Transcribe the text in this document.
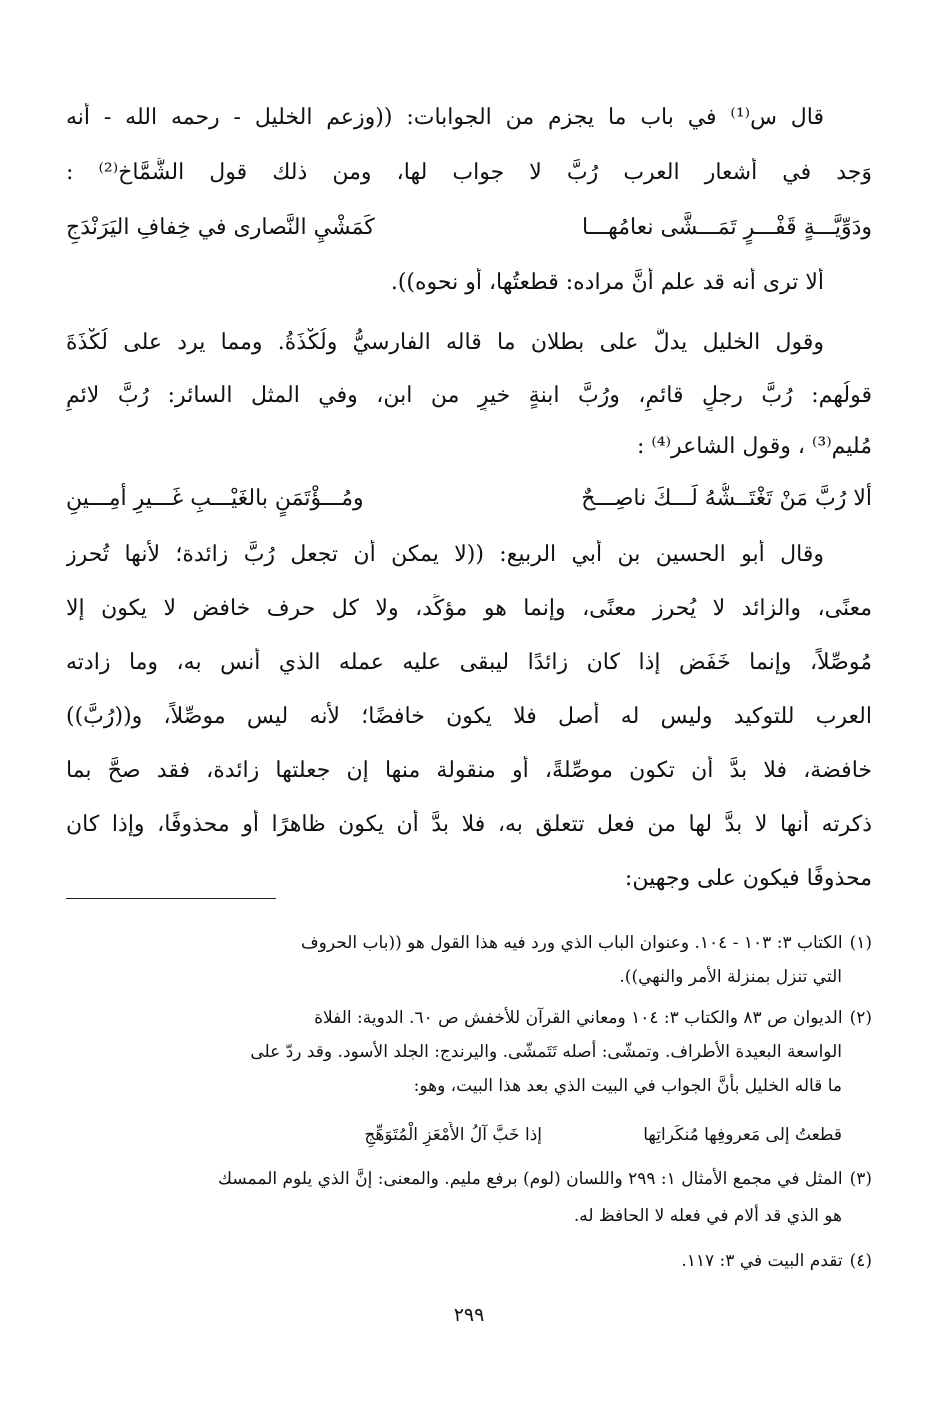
قال س⁽¹⁾ في باب ما يجزم من الجوابات: ((وزعم الخليل - رحمه الله - أنه
وَجد في أشعار العرب رُبَّ لا جواب لها، ومن ذلك قول الشَّمَّاخ⁽²⁾ :
ودَوِّيَّـــةٍ قَفْـــرٍ تَمَـــشَّى نعامُهـــا
كَمَشْيِ النَّصارى في خِفافِ اليَرَنْدَجِ
ألا ترى أنه قد علم أنَّ مراده: قطعتُها، أو نحوه)).
وقول الخليل يدلُّ على بطلان ما قاله الفارسيُّ ولُكْذَةُ. ومما يرد على لُكْذَةَ
قولُهم: رُبَّ رجلٍ قائمٍ، ورُبَّ ابنةٍ خيرٍ من ابن، وفي المثل السائر: رُبَّ لائمٍ
مُليم⁽³⁾ ، وقول الشاعر⁽⁴⁾ :
ألا رُبَّ مَنْ تَغْتَــشُّهُ لَـــكَ ناصِـــحٌ
ومُـــؤْتَمَنٍ بالغَيْـــبِ غَـــيرِ أَمِـــينِ
وقال أبو الحسين بن أبي الربيع: ((لا يمكن أن تجعل رُبَّ زائدة؛ لأنها تُحرز
معنًى، والزائد لا يُحرز معنًى، وإنما هو مؤكِّد، ولا كل حرف خافض لا يكون إلا
مُوصِّلاً، وإنما خَفَض إذا كان زائدًا ليبقى عليه عمله الذي أنس به، وما زادته
العرب للتوكيد وليس له أصل فلا يكون خافضًا؛ لأنه ليس موصِّلاً، و((رُبَّ))
خافضة، فلا بدَّ أن تكون موصِّلةً، أو منقولة منها إن جعلتها زائدة، فقد صحَّ بما
ذكرته أنها لا بدَّ لها من فعل تتعلق به، فلا بدَّ أن يكون ظاهرًا أو محذوفًا، وإذا كان
محذوفًا فيكون على وجهين:
(١) الكتاب ٣: ١٠٣ - ١٠٤. وعنوان الباب الذي ورد فيه هذا القول هو ((باب الحروف
التي تنزل بمنزلة الأمر والنهي)).
(٢) الديوان ص ٨٣ والكتاب ٣: ١٠٤ ومعاني القرآن للأخفش ص ٦٠. الدوية: الفلاة
الواسعة البعيدة الأطراف. وتمشّى: أصله تَتَمشّى. واليرندج: الجلد الأسود. وقد ردّ على
ما قاله الخليل بأنَّ الجواب في البيت الذي بعد هذا البيت، وهو:
قطعتُ إلى مَعروفِها مُنكَراتِها
إذا خَبَّ آلُ الأَمْعَزِ الْمُتَوَهِّجِ
(٣) المثل في مجمع الأمثال ١: ٢٩٩ واللسان (لوم) برفع مليم. والمعنى: إنَّ الذي يلوم الممسك
هو الذي قد ألام في فعله لا الحافظ له.
(٤) تقدم البيت في ٣: ١١٧.
٢٩٩
